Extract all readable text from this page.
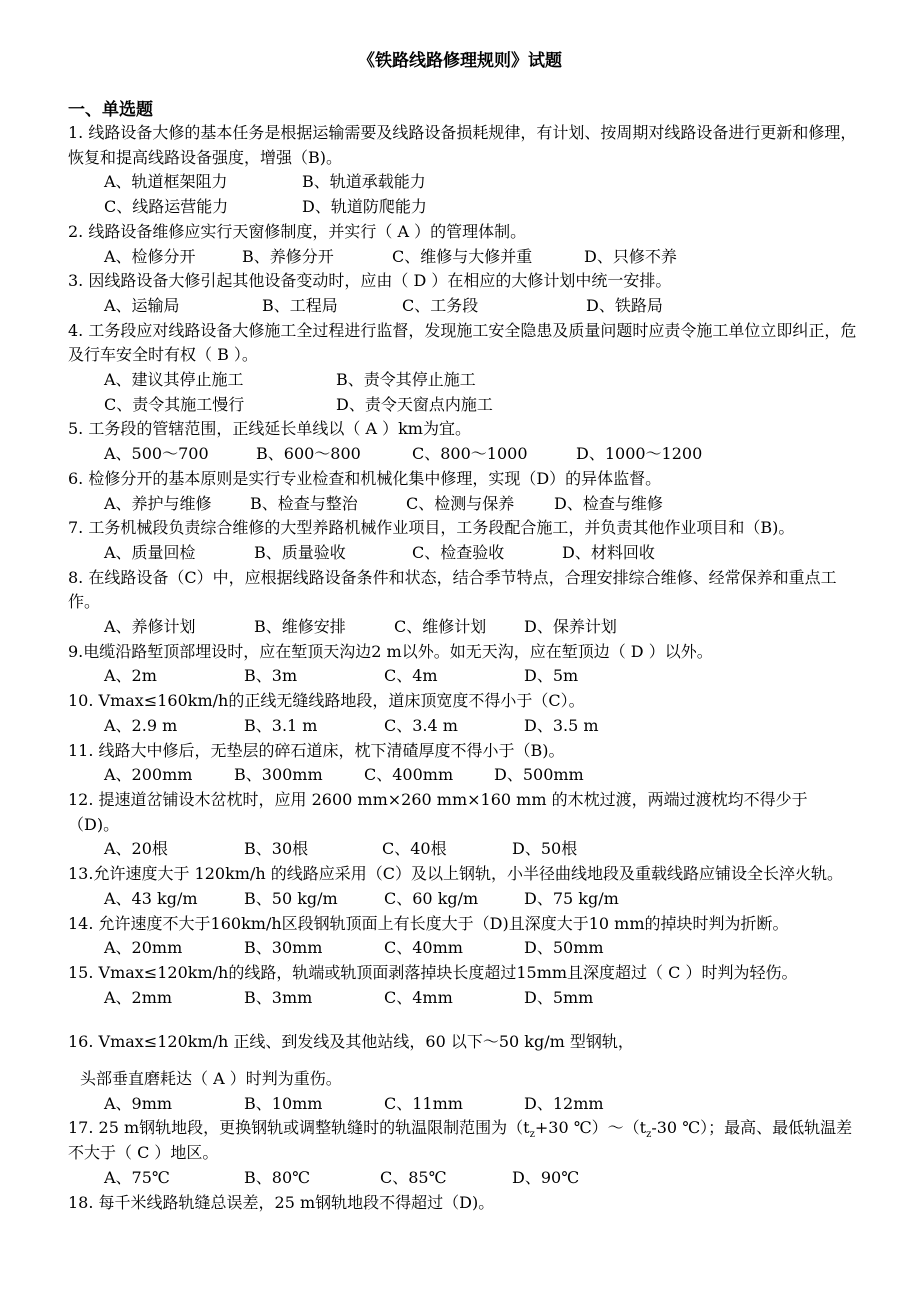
《铁路线路修理规则》试题
一、单选题

1. 线路设备大修的基本任务是根据运输需要及线路设备损耗规律，有计划、按周期对线路设备进行更新和修理，恢复和提高线路设备强度，增强（B)。

A、轨道框架阻力	B、轨道承载能力

C、线路运营能力	D、轨道防爬能力

2. 线路设备维修应实行天窗修制度，并实行（ A ）的管理体制。

A、检修分开	B、养修分开	C、维修与大修并重	D、只修不养

3. 因线路设备大修引起其他设备变动时，应由（ D ）在相应的大修计划中统一安排。

A、运输局	B、工程局	C、工务段	D、铁路局

4. 工务段应对线路设备大修施工全过程进行监督，发现施工安全隐患及质量问题时应责令施工单位立即纠正，危及行车安全时有权（ B ）。

A、建议其停止施工	B、责令其停止施工

C、责令其施工慢行	D、责令天窗点内施工

5. 工务段的管辖范围，正线延长单线以（ A ）km为宜。

A、500～700	B、600～800	C、800～1000	D、1000～1200

6. 检修分开的基本原则是实行专业检查和机械化集中修理，实现（D）的异体监督。

A、养护与维修 B、检查与整治	C、检测与保养 D、检查与维修

7. 工务机械段负责综合维修的大型养路机械作业项目，工务段配合施工，并负责其他作业项目和（B)。

A、质量回检	B、质量验收	C、检查验收	D、材料回收

8. 在线路设备（C）中，应根据线路设备条件和状态，结合季节特点，合理安排综合维修、经常保养和重点工作。

A、养修计划	B、维修安排	C、维修计划 D、保养计划

9.电缆沿路堑顶部埋设时，应在堑顶天沟边2 m以外。如无天沟，应在堑顶边（ D ）以外。

A、2m	B、3m	C、4m	D、5m

10. Vmax≤160km/h的正线无缝线路地段，道床顶宽度不得小于（C）。

A、2.9 m	B、3.1 m	C、3.4 m	D、3.5 m

11. 线路大中修后，无垫层的碎石道床，枕下清碴厚度不得小于（B)。

A、200mm	B、300mm	C、400mm	D、500mm

12. 提速道岔铺设木岔枕时，应用 2600 mm×260 mm×160 mm 的木枕过渡，两端过渡枕均不得少于（D)。

A、20根	B、30根	C、40根	D、50根

13.允许速度大于 120km/h 的线路应采用（C）及以上钢轨，小半径曲线地段及重载线路应铺设全长淬火轨。

A、43 kg/m	B、50 kg/m	C、60 kg/m	D、75 kg/m

14. 允许速度不大于160km/h区段钢轨顶面上有长度大于（D)且深度大于10 mm的掉块时判为折断。

A、20mm	B、30mm	C、40mm	D、50mm

15. Vmax≤120km/h的线路，轨端或轨顶面剥落掉块长度超过15mm且深度超过（ C ）时判为轻伤。

A、2mm	B、3mm	C、4mm	D、5mm

16. Vmax≤120km/h 正线、到发线及其他站线，60 以下～50 kg/m 型钢轨，

头部垂直磨耗达（ A ）时判为重伤。

A、9mm	B、10mm	C、11mm	D、12mm

17. 25 m钢轨地段，更换钢轨或调整轨缝时的轨温限制范围为（$t_z+30$ $℃)\sim(t_z-30$ ℃）；最高、最低轨温差不大于（ C ）地区。

A、75℃	B、80℃	C、85℃	D、90℃

18. 每千米线路轨缝总误差，25 m钢轨地段不得超过（D)。
